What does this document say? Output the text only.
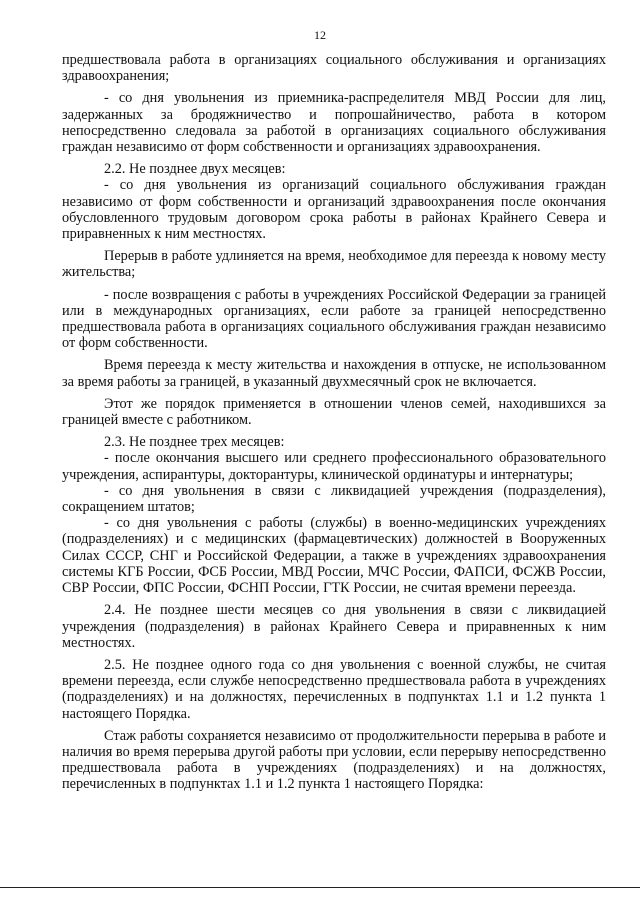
12

предшествовала работа в организациях социального обслуживания и организациях здравоохранения;

- со дня увольнения из приемника-распределителя МВД России для лиц, задержанных за бродяжничество и попрошайничество, работа в котором непосредственно следовала за работой в организациях социального обслуживания граждан независимо от форм собственности и организациях здравоохранения.

2.2. Не позднее двух месяцев:

- со дня увольнения из организаций социального обслуживания граждан независимо от форм собственности и организаций здравоохранения после окончания обусловленного трудовым договором срока работы в районах Крайнего Севера и приравненных к ним местностях.

Перерыв в работе удлиняется на время, необходимое для переезда к новому месту жительства;

- после возвращения с работы в учреждениях Российской Федерации за границей или в международных организациях, если работе за границей непосредственно предшествовала работа в организациях социального обслуживания граждан независимо от форм собственности.

Время переезда к месту жительства и нахождения в отпуске, не использованном за время работы за границей, в указанный двухмесячный срок не включается.

Этот же порядок применяется в отношении членов семей, находившихся за границей вместе с работником.

2.3. Не позднее трех месяцев:

- после окончания высшего или среднего профессионального образовательного учреждения, аспирантуры, докторантуры, клинической ординатуры и интернатуры;

- со дня увольнения в связи с ликвидацией учреждения (подразделения), сокращением штатов;

- со дня увольнения с работы (службы) в военно-медицинских учреждениях (подразделениях) и с медицинских (фармацевтических) должностей в Вооруженных Силах СССР, СНГ и Российской Федерации, а также в учреждениях здравоохранения системы КГБ России, ФСБ России, МВД России, МЧС России, ФАПСИ, ФСЖВ России, СВР России, ФПС России, ФСНП России, ГТК России, не считая времени переезда.

2.4. Не позднее шести месяцев со дня увольнения в связи с ликвидацией учреждения (подразделения) в районах Крайнего Севера и приравненных к ним местностях.

2.5. Не позднее одного года со дня увольнения с военной службы, не считая времени переезда, если службе непосредственно предшествовала работа в учреждениях (подразделениях) и на должностях, перечисленных в подпунктах 1.1 и 1.2 пункта 1 настоящего Порядка.

Стаж работы сохраняется независимо от продолжительности перерыва в работе и наличия во время перерыва другой работы при условии, если перерыву непосредственно предшествовала работа в учреждениях (подразделениях) и на должностях, перечисленных в подпунктах 1.1 и 1.2 пункта 1 настоящего Порядка:
